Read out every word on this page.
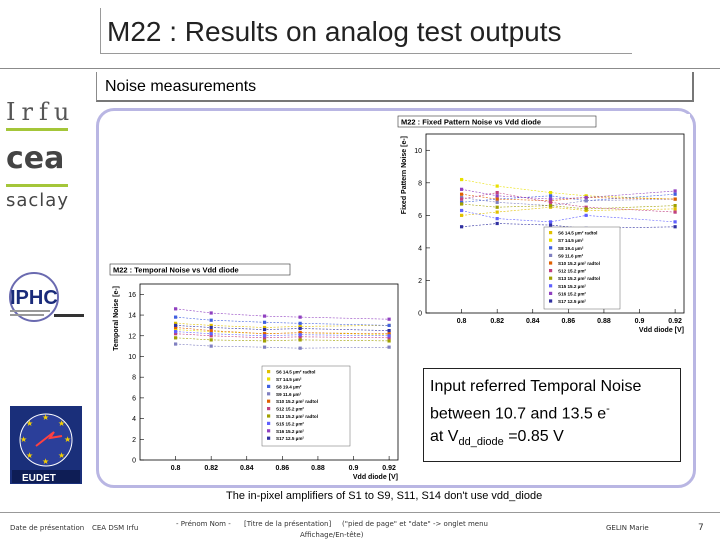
M22 : Results on analog test outputs
Irfu
cea
saclay
IPHC
★
★
★
★
★
★
★
★
EUDET
Noise measurements
M22 : Fixed Pattern Noise vs Vdd diode
0
2
4
6
8
10
0.8	0.82	0.84	0.86	0.88	0.9	0.92
Vdd diode [V]
Fixed Pattern Noise [e-]
S6 14.5 µm² radtol
S7 14.5 µm²
S8 19.4 µm²
S9 11.6 µm²
S10 15.2 µm² radtol
S12 15.2 µm²
S13 15.2 µm² radtol
S15 15.2 µm²
S16 15.2 µm²
S17 12.5 µm²
M22 : Temporal Noise vs Vdd diode
0
2
4
6
8
10
12
14
16
0.8	0.82	0.84	0.86	0.88	0.9	0.92
Vdd diode [V]
Temporal Noise [e-]
S6 14.5 µm² radtol
S7 14.5 µm²
S8 19.4 µm²
S9 11.6 µm²
S10 15.2 µm² radtol
S12 15.2 µm²
S13 15.2 µm² radtol
S15 15.2 µm²
S16 15.2 µm²
S17 12.5 µm²
Input referred Temporal Noise
between 10.7 and 13.5 e-
at $V_{dd\_diode} =0.85$ V
The in-pixel amplifiers of S1 to S9, S11, S14 don't use vdd_diode
Date de présentation CEA DSM Irfu	- Prénom Nom - [Titre de la présentation] ("pied de page" et "date" -> onglet menu
Affichage/En-tête)
GELIN Marie	7
